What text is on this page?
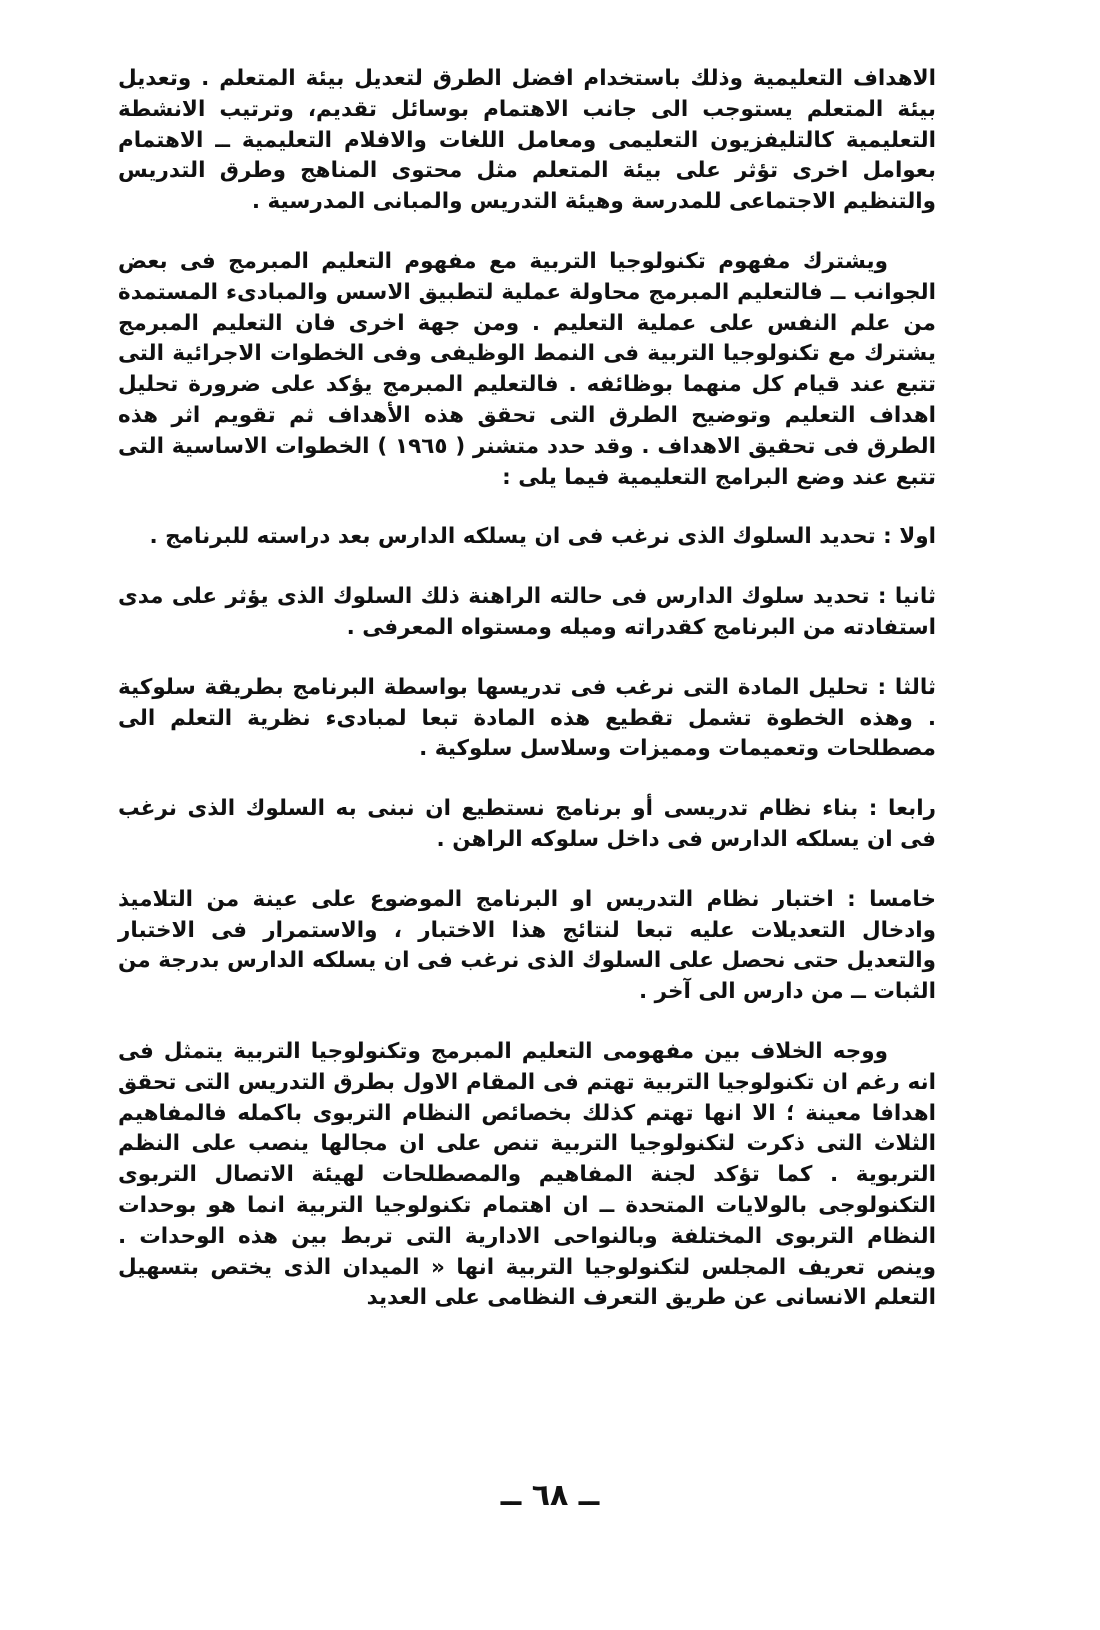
الاهداف التعليمية وذلك باستخدام افضل الطرق لتعديل بيئة المتعلم . وتعديل بيئة المتعلم يستوجب الى جانب الاهتمام بوسائل تقديم، وترتيب الانشطة التعليمية كالتليفزيون التعليمى ومعامل اللغات والافلام التعليمية ــ الاهتمام بعوامل اخرى تؤثر على بيئة المتعلم مثل محتوى المناهج وطرق التدريس والتنظيم الاجتماعى للمدرسة وهيئة التدريس والمبانى المدرسية .

ويشترك مفهوم تكنولوجيا التربية مع مفهوم التعليم المبرمج فى بعض الجوانب ــ فالتعليم المبرمج محاولة عملية لتطبيق الاسس والمبادىء المستمدة من علم النفس على عملية التعليم . ومن جهة اخرى فان التعليم المبرمج يشترك مع تكنولوجيا التربية فى النمط الوظيفى وفى الخطوات الاجرائية التى تتبع عند قيام كل منهما بوظائفه . فالتعليم المبرمج يؤكد على ضرورة تحليل اهداف التعليم وتوضيح الطرق التى تحقق هذه الأهداف ثم تقويم اثر هذه الطرق فى تحقيق الاهداف . وقد حدد متشنر ( ١٩٦٥ ) الخطوات الاساسية التى تتبع عند وضع البرامج التعليمية فيما يلى :

اولا : تحديد السلوك الذى نرغب فى ان يسلكه الدارس بعد دراسته للبرنامج .

ثانيا : تحديد سلوك الدارس فى حالته الراهنة ذلك السلوك الذى يؤثر على مدى استفادته من البرنامج كقدراته وميله ومستواه المعرفى .

ثالثا : تحليل المادة التى نرغب فى تدريسها بواسطة البرنامج بطريقة سلوكية . وهذه الخطوة تشمل تقطيع هذه المادة تبعا لمبادىء نظرية التعلم الى مصطلحات وتعميمات ومميزات وسلاسل سلوكية .

رابعا : بناء نظام تدريسى أو برنامج نستطيع ان نبنى به السلوك الذى نرغب فى ان يسلكه الدارس فى داخل سلوكه الراهن .

خامسا : اختبار نظام التدريس او البرنامج الموضوع على عينة من التلاميذ وادخال التعديلات عليه تبعا لنتائج هذا الاختبار ، والاستمرار فى الاختبار والتعديل حتى نحصل على السلوك الذى نرغب فى ان يسلكه الدارس بدرجة من الثبات ــ من دارس الى آخر .

ووجه الخلاف بين مفهومى التعليم المبرمج وتكنولوجيا التربية يتمثل فى انه رغم ان تكنولوجيا التربية تهتم فى المقام الاول بطرق التدريس التى تحقق اهدافا معينة ؛ الا انها تهتم كذلك بخصائص النظام التربوى باكمله فالمفاهيم الثلاث التى ذكرت لتكنولوجيا التربية تنص على ان مجالها ينصب على النظم التربوية . كما تؤكد لجنة المفاهيم والمصطلحات لهيئة الاتصال التربوى التكنولوجى بالولايات المتحدة ــ ان اهتمام تكنولوجيا التربية انما هو بوحدات النظام التربوى المختلفة وبالنواحى الادارية التى تربط بين هذه الوحدات . وينص تعريف المجلس لتكنولوجيا التربية انها « الميدان الذى يختص بتسهيل التعلم الانسانى عن طريق التعرف النظامى على العديد

ــ ٦٨ ــ
